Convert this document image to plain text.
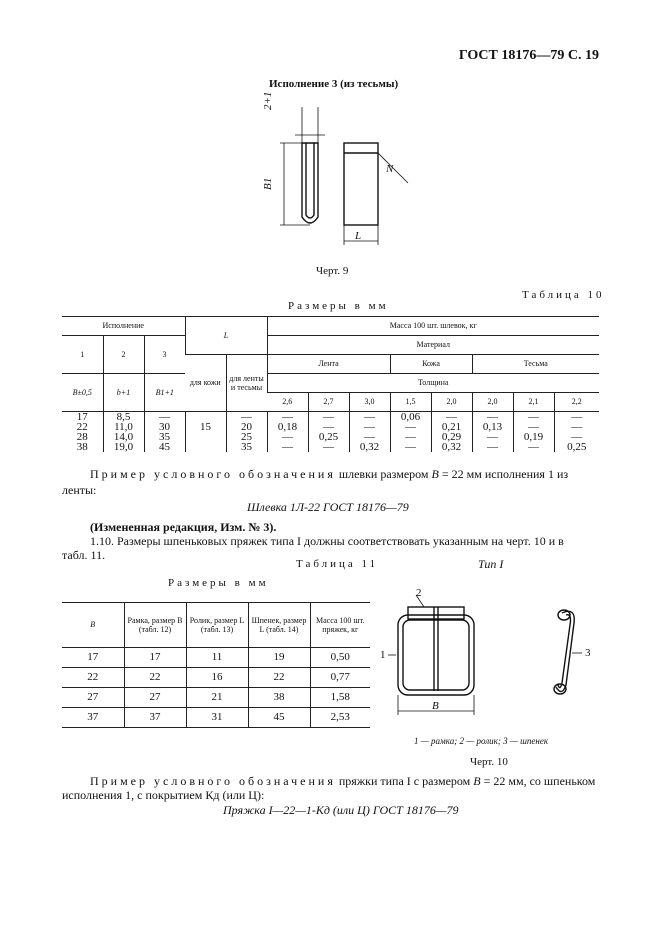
ГОСТ 18176—79 С. 19
Исполнение 3 (из тесьмы)
2+1
B1
N
L
Черт. 9
Таблица 10
Размеры в мм
Исполнение			L		Масса 100 шт. шлевок, кг							
1	2	3			Материал							
			для кожи	для ленты и тесьмы	Лента			Кожа		Тесьма		
B±0,5	b+1	B1+1			Толщина							
					2,6	2,7	3,0	1,5	2,0	2,0	2,1	2,2
17	8,5	—		—	—	—	—	0,06	—	—	—	—
22	11,0	30	15	20	0,18	—	—	—	0,21	0,13	—	—
28	14,0	35		25	—	0,25	—	—	0,29	—	0,19	—
38	19,0	45		35	—	—	0,32	—	0,32	—	—	0,25
Пример условного обозначения шлевки размером B = 22 мм исполнения 1 из
ленты:
Шлевка 1Л-22 ГОСТ 18176—79
(Измененная редакция, Изм. № 3).
1.10. Размеры шпеньковых пряжек типа I должны соответствовать указанным на черт. 10 и в
табл. 11.
Таблица 11
Размеры в мм
B	Рамка, размер B (табл. 12)	Ролик, размер L (табл. 13)	Шпенек, размер L (табл. 14)	Масса 100 шт. пряжек, кг
17	17	11	19	0,50
22	22	16	22	0,77
27	27	21	38	1,58
37	37	31	45	2,53
Тип I
1
2
3
B
1 — рамка; 2 — ролик; 3 — шпенек
Черт. 10
Пример условного обозначения пряжки типа I с размером B = 22 мм, со шпеньком
исполнения 1, с покрытием Кд (или Ц):
Пряжка I—22—1-Кд (или Ц) ГОСТ 18176—79
